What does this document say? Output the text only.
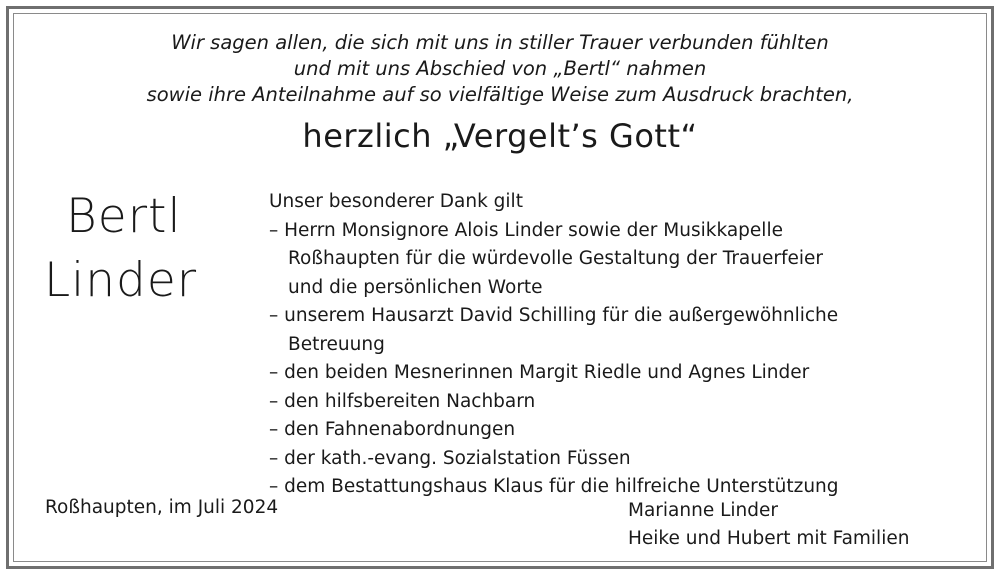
Wir sagen allen, die sich mit uns in stiller Trauer verbunden fühlten
und mit uns Abschied von „Bertl“ nahmen
sowie ihre Anteilnahme auf so vielfältige Weise zum Ausdruck brachten,
herzlich „Vergelt’s Gott“
Bertl
Linder
Unser besonderer Dank gilt
– Herrn Monsignore Alois Linder sowie der Musikkapelle
Roßhaupten für die würdevolle Gestaltung der Trauerfeier
und die persönlichen Worte
– unserem Hausarzt David Schilling für die außergewöhnliche
Betreuung
– den beiden Mesnerinnen Margit Riedle und Agnes Linder
– den hilfsbereiten Nachbarn
– den Fahnenabordnungen
– der kath.-evang. Sozialstation Füssen
– dem Bestattungshaus Klaus für die hilfreiche Unterstützung
Roßhaupten, im Juli 2024	Marianne Linder
Heike und Hubert mit Familien
